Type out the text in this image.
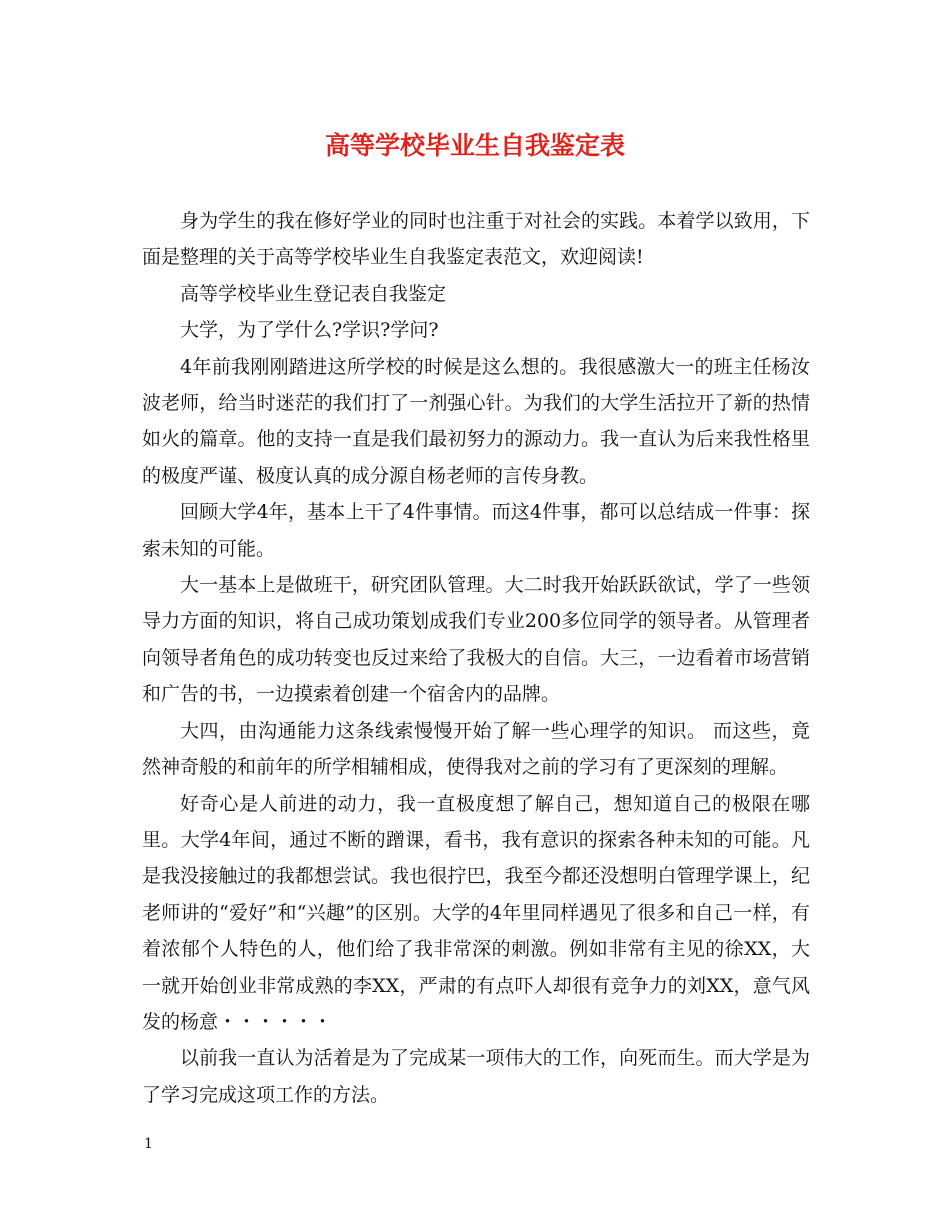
高等学校毕业生自我鉴定表

身为学生的我在修好学业的同时也注重于对社会的实践。本着学以致用，下面是整理的关于高等学校毕业生自我鉴定表范文，欢迎阅读!

高等学校毕业生登记表自我鉴定

大学，为了学什么?学识?学问?

4年前我刚刚踏进这所学校的时候是这么想的。我很感激大一的班主任杨汝波老师，给当时迷茫的我们打了一剂强心针。为我们的大学生活拉开了新的热情如火的篇章。他的支持一直是我们最初努力的源动力。我一直认为后来我性格里的极度严谨、极度认真的成分源自杨老师的言传身教。

回顾大学4年，基本上干了4件事情。而这4件事，都可以总结成一件事：探索未知的可能。

大一基本上是做班干，研究团队管理。大二时我开始跃跃欲试，学了一些领导力方面的知识，将自己成功策划成我们专业200多位同学的领导者。从管理者向领导者角色的成功转变也反过来给了我极大的自信。大三，一边看着市场营销和广告的书，一边摸索着创建一个宿舍内的品牌。

大四，由沟通能力这条线索慢慢开始了解一些心理学的知识。 而这些，竟然神奇般的和前年的所学相辅相成，使得我对之前的学习有了更深刻的理解。

好奇心是人前进的动力，我一直极度想了解自己，想知道自己的极限在哪里。大学4年间，通过不断的蹭课，看书，我有意识的探索各种未知的可能。凡是我没接触过的我都想尝试。我也很拧巴，我至今都还没想明白管理学课上，纪老师讲的“爱好”和“兴趣”的区别。大学的4年里同样遇见了很多和自己一样，有着浓郁个人特色的人，他们给了我非常深的刺激。例如非常有主见的徐XX，大一就开始创业非常成熟的李XX，严肃的有点吓人却很有竞争力的刘XX，意气风发的杨意・・・・・・

以前我一直认为活着是为了完成某一项伟大的工作，向死而生。而大学是为了学习完成这项工作的方法。

1
